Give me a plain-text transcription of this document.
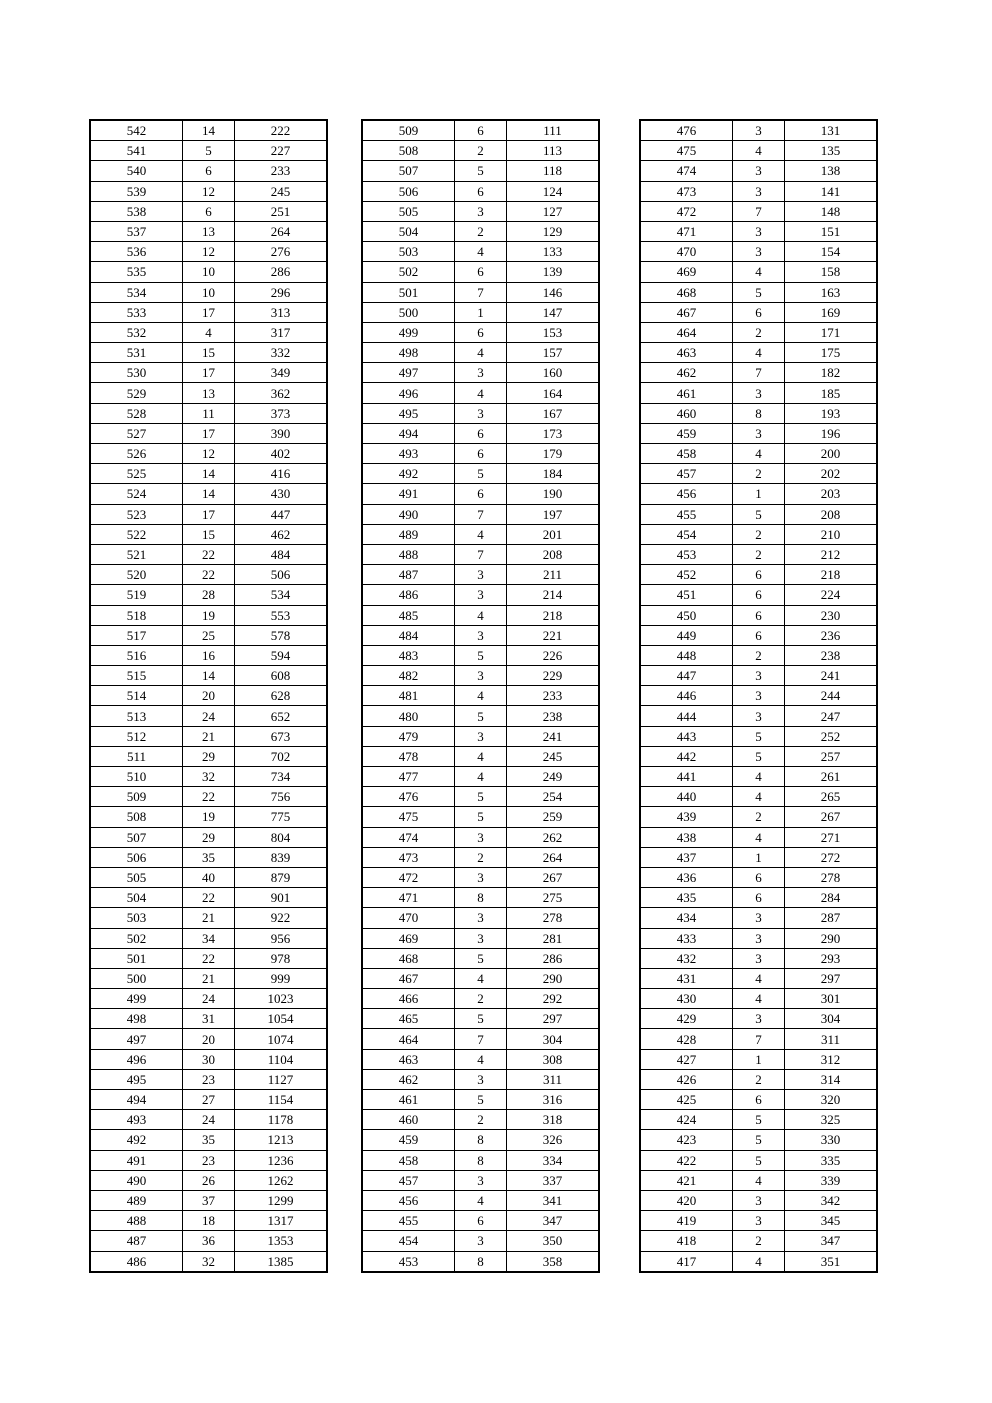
542	14	222
541	5	227
540	6	233
539	12	245
538	6	251
537	13	264
536	12	276
535	10	286
534	10	296
533	17	313
532	4	317
531	15	332
530	17	349
529	13	362
528	11	373
527	17	390
526	12	402
525	14	416
524	14	430
523	17	447
522	15	462
521	22	484
520	22	506
519	28	534
518	19	553
517	25	578
516	16	594
515	14	608
514	20	628
513	24	652
512	21	673
511	29	702
510	32	734
509	22	756
508	19	775
507	29	804
506	35	839
505	40	879
504	22	901
503	21	922
502	34	956
501	22	978
500	21	999
499	24	1023
498	31	1054
497	20	1074
496	30	1104
495	23	1127
494	27	1154
493	24	1178
492	35	1213
491	23	1236
490	26	1262
489	37	1299
488	18	1317
487	36	1353
486	32	1385
509	6	111
508	2	113
507	5	118
506	6	124
505	3	127
504	2	129
503	4	133
502	6	139
501	7	146
500	1	147
499	6	153
498	4	157
497	3	160
496	4	164
495	3	167
494	6	173
493	6	179
492	5	184
491	6	190
490	7	197
489	4	201
488	7	208
487	3	211
486	3	214
485	4	218
484	3	221
483	5	226
482	3	229
481	4	233
480	5	238
479	3	241
478	4	245
477	4	249
476	5	254
475	5	259
474	3	262
473	2	264
472	3	267
471	8	275
470	3	278
469	3	281
468	5	286
467	4	290
466	2	292
465	5	297
464	7	304
463	4	308
462	3	311
461	5	316
460	2	318
459	8	326
458	8	334
457	3	337
456	4	341
455	6	347
454	3	350
453	8	358
476	3	131
475	4	135
474	3	138
473	3	141
472	7	148
471	3	151
470	3	154
469	4	158
468	5	163
467	6	169
464	2	171
463	4	175
462	7	182
461	3	185
460	8	193
459	3	196
458	4	200
457	2	202
456	1	203
455	5	208
454	2	210
453	2	212
452	6	218
451	6	224
450	6	230
449	6	236
448	2	238
447	3	241
446	3	244
444	3	247
443	5	252
442	5	257
441	4	261
440	4	265
439	2	267
438	4	271
437	1	272
436	6	278
435	6	284
434	3	287
433	3	290
432	3	293
431	4	297
430	4	301
429	3	304
428	7	311
427	1	312
426	2	314
425	6	320
424	5	325
423	5	330
422	5	335
421	4	339
420	3	342
419	3	345
418	2	347
417	4	351
